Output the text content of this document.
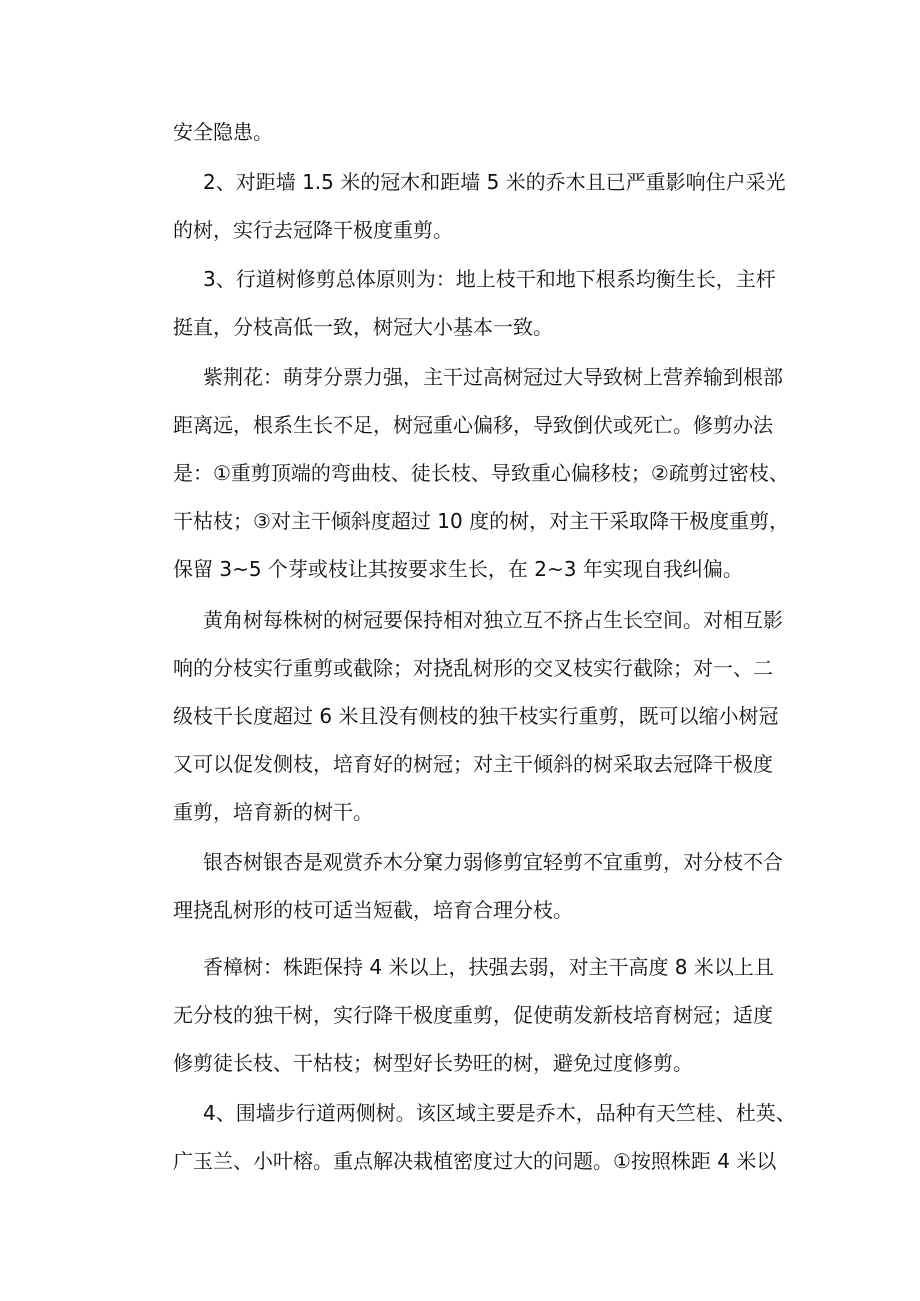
安全隐患。

2、对距墙 1.5 米的冠木和距墙 5 米的乔木且已严重影响住户采光
的树，实行去冠降干极度重剪。

3、行道树修剪总体原则为：地上枝干和地下根系均衡生长，主杆
挺直，分枝高低一致，树冠大小基本一致。

紫荆花：萌芽分票力强，主干过高树冠过大导致树上营养输到根部
距离远，根系生长不足，树冠重心偏移，导致倒伏或死亡。修剪办法
是：①重剪顶端的弯曲枝、徒长枝、导致重心偏移枝；②疏剪过密枝、
干枯枝；③对主干倾斜度超过 10 度的树，对主干采取降干极度重剪，
保留 3~5 个芽或枝让其按要求生长，在 2~3 年实现自我纠偏。

黄角树每株树的树冠要保持相对独立互不挤占生长空间。对相互影
响的分枝实行重剪或截除；对挠乱树形的交叉枝实行截除；对一、二
级枝干长度超过 6 米且没有侧枝的独干枝实行重剪，既可以缩小树冠
又可以促发侧枝，培育好的树冠；对主干倾斜的树采取去冠降干极度
重剪，培育新的树干。

银杏树银杏是观赏乔木分窠力弱修剪宜轻剪不宜重剪，对分枝不合
理挠乱树形的枝可适当短截，培育合理分枝。

香樟树：株距保持 4 米以上，扶强去弱，对主干高度 8 米以上且
无分枝的独干树，实行降干极度重剪，促使萌发新枝培育树冠；适度
修剪徒长枝、干枯枝；树型好长势旺的树，避免过度修剪。

4、围墙步行道两侧树。该区域主要是乔木，品种有天竺桂、杜英、
广玉兰、小叶榕。重点解决栽植密度过大的问题。①按照株距 4 米以
